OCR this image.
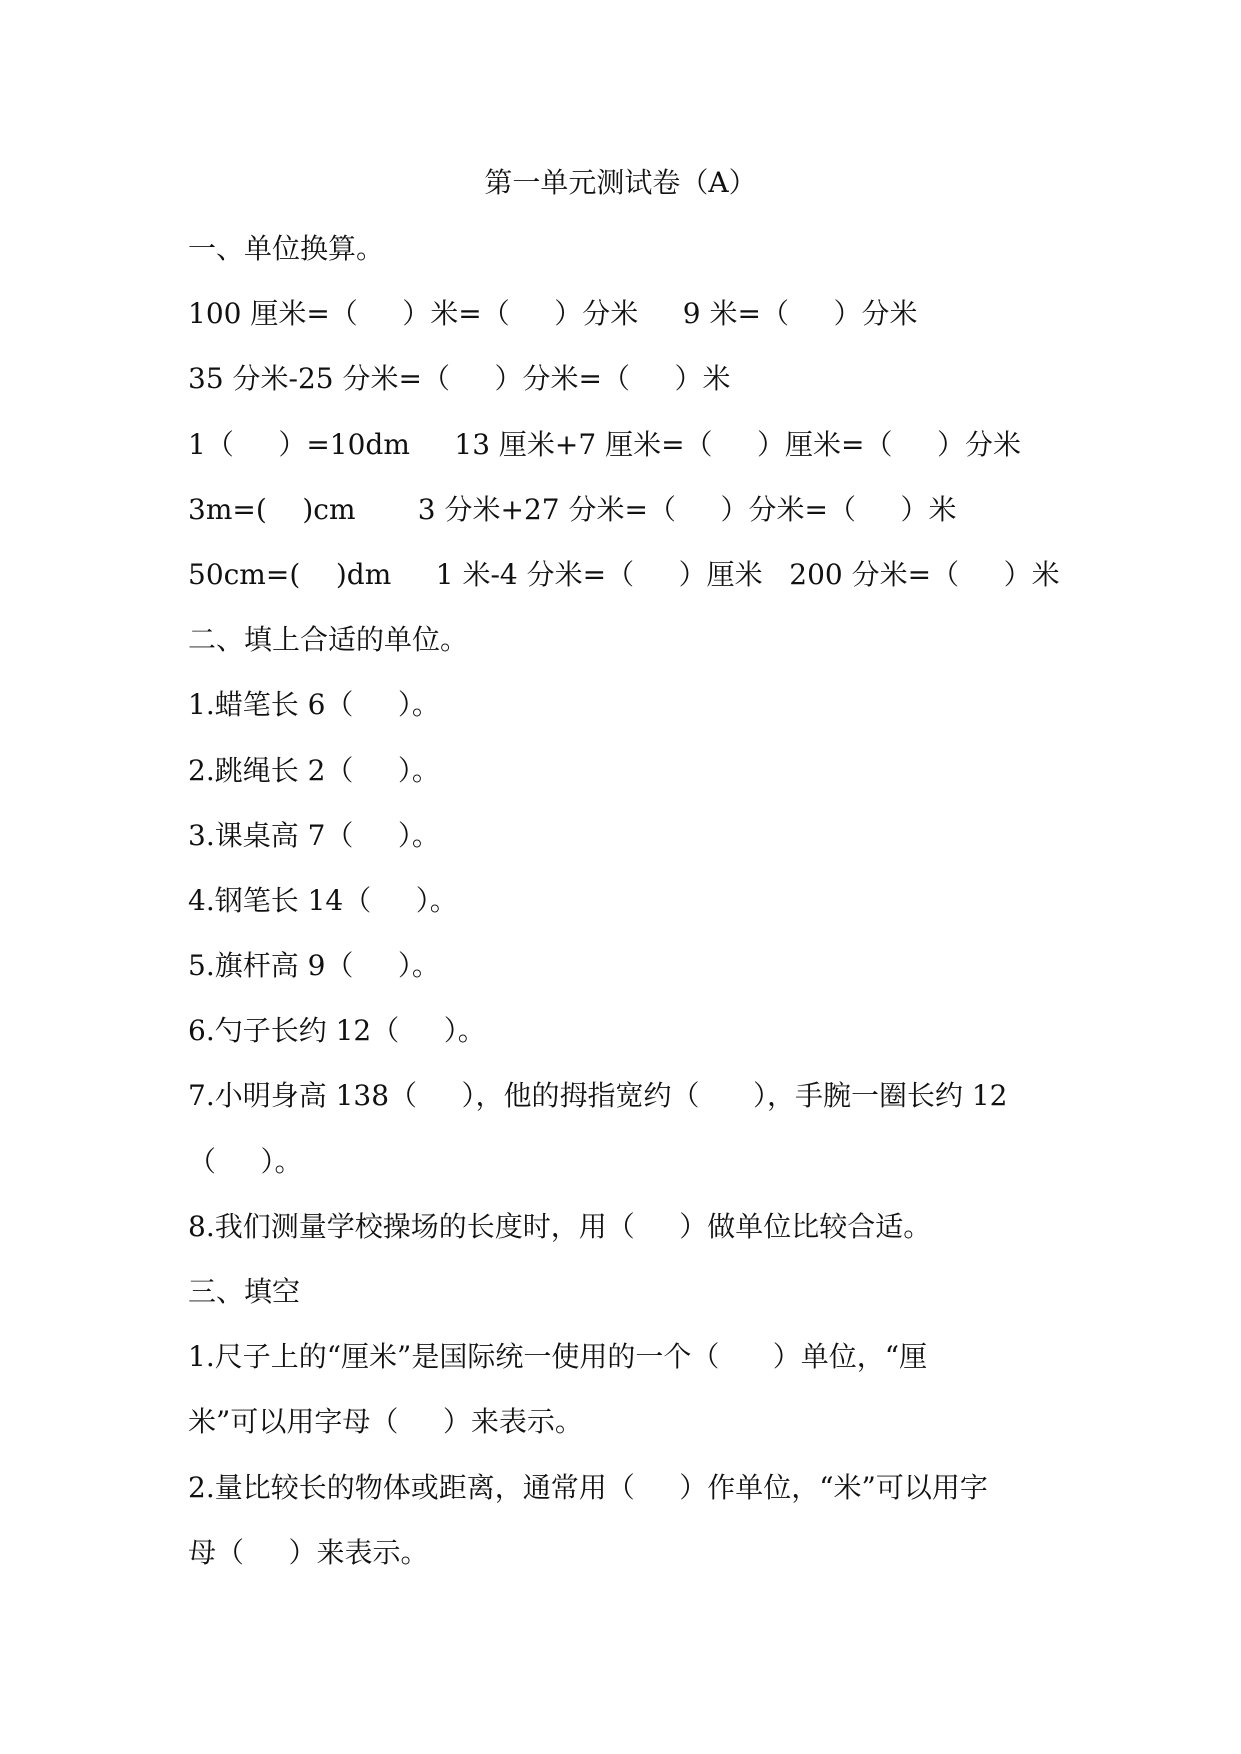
第一单元测试卷（A）
一、单位换算。
100 厘米=（     ）米=（     ）分米     9 米=（     ）分米
35 分米-25 分米=（     ）分米=（     ）米
1（     ）=10dm     13 厘米+7 厘米=（     ）厘米=（     ）分米
3m=(    )cm       3 分米+27 分米=（     ）分米=（     ）米
50cm=(    )dm     1 米-4 分米=（     ）厘米   200 分米=（     ）米
二、填上合适的单位。
1.蜡笔长 6（     ）。
2.跳绳长 2（     ）。
3.课桌高 7（     ）。
4.钢笔长 14（     ）。
5.旗杆高 9（     ）。
6.勺子长约 12（     ）。
7.小明身高 138（     ），他的拇指宽约（      ），手腕一圈长约 12
（     ）。
8.我们测量学校操场的长度时，用（     ）做单位比较合适。
三、填空
1.尺子上的“厘米”是国际统一使用的一个（      ）单位，“厘
米”可以用字母（     ）来表示。
2.量比较长的物体或距离，通常用（     ）作单位，“米”可以用字
母（     ）来表示。
